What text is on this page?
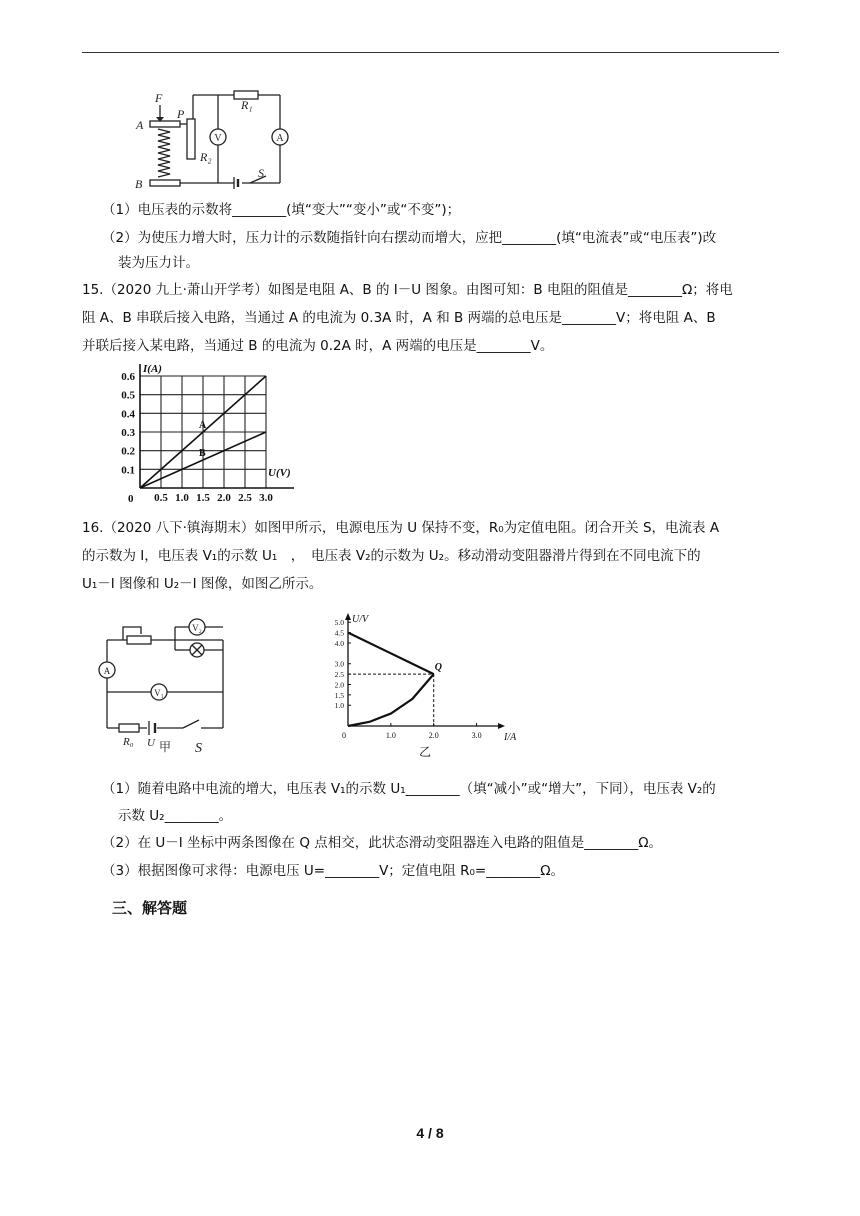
F
P
A
B
R₁
R₂
S
V	A
（1）电压表的示数将________(填“变大”“变小”或“不变”)；
（2）为使压力增大时，压力计的示数随指针向右摆动而增大，应把________(填“电流表”或“电压表”)改
装为压力计。
15.（2020 九上·萧山开学考）如图是电阻 A、B 的 I－U 图象。由图可知：B 电阻的阻值是________Ω；将电
阻 A、B 串联后接入电路，当通过 A 的电流为 0.3A 时，A 和 B 两端的总电压是________V；将电阻 A、B
并联后接入某电路，当通过 B 的电流为 0.2A 时，A 两端的电压是________V。
0.5 1.0 1.5 2.0 2.5 3.0
0.1
0.2
0.3
0.4
0.5
0.6
I(A)
U(V)
0
A
B
16.（2020 八下·镇海期末）如图甲所示，电源电压为 U 保持不变，R₀为定值电阻。闭合开关 S，电流表 A
的示数为 I，电压表 V₁的示数 U₁　，　电压表 V₂的示数为 U₂。移动滑动变阻器滑片得到在不同电流下的
U₁－I 图像和 U₂－I 图像，如图乙所示。
A
V₂
V₁
R₀ U	S
甲
U/V
I/A
0	1.0	2.0	3.0
1.0
1.5
2.0
2.5
3.0
4.0
4.5
5.0
Q
乙
（1）随着电路中电流的增大，电压表 V₁的示数 U₁________（填“减小”或“增大”，下同），电压表 V₂的
示数 U₂________。
（2）在 U－I 坐标中两条图像在 Q 点相交，此状态滑动变阻器连入电路的阻值是________Ω。
（3）根据图像可求得：电源电压 U=________V；定值电阻 R₀=________Ω。
三、解答题
4 / 8
